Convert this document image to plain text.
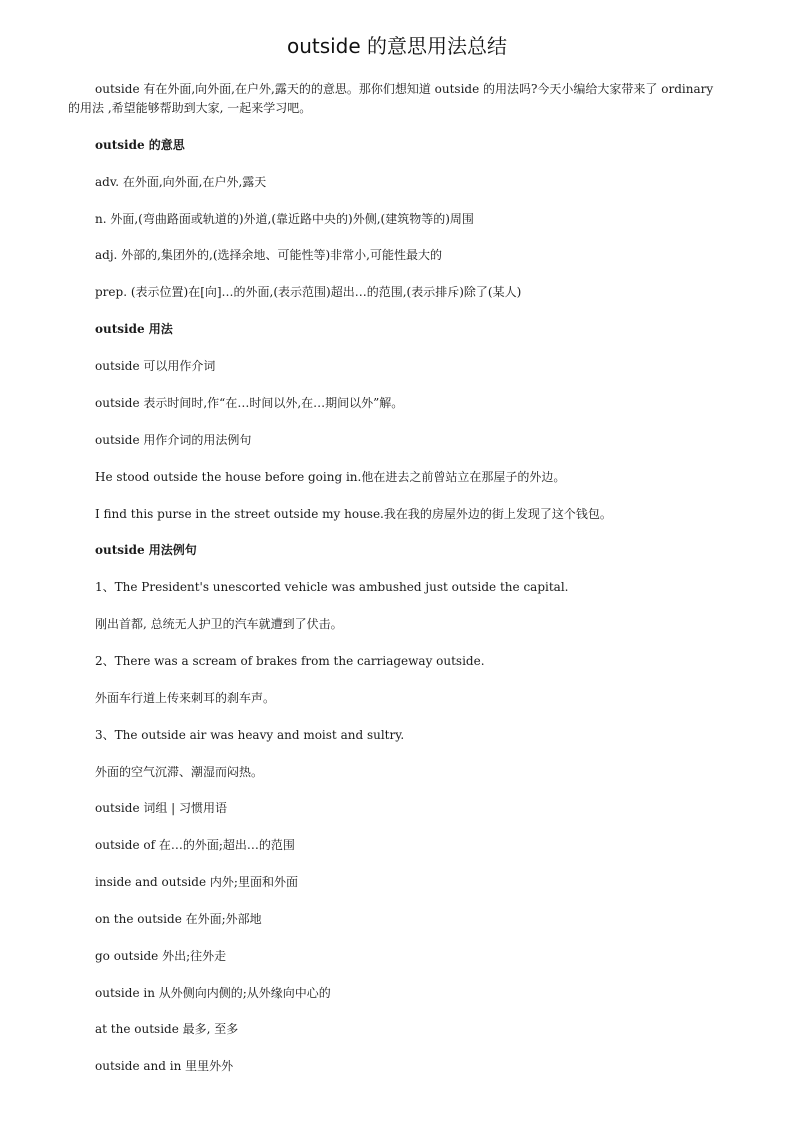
outside 的意思用法总结

outside 有在外面,向外面,在户外,露天的的意思。那你们想知道 outside 的用法吗?今天小编给大家带来了 ordinary 的用法 ,希望能够帮助到大家, 一起来学习吧。

outside 的意思

adv. 在外面,向外面,在户外,露天

n. 外面,(弯曲路面或轨道的)外道,(靠近路中央的)外侧,(建筑物等的)周围

adj. 外部的,集团外的,(选择余地、可能性等)非常小,可能性最大的

prep. (表示位置)在[向]…的外面,(表示范围)超出…的范围,(表示排斥)除了(某人)

outside 用法

outside 可以用作介词

outside 表示时间时,作“在…时间以外,在…期间以外”解。

outside 用作介词的用法例句

He stood outside the house before going in.他在进去之前曾站立在那屋子的外边。

I find this purse in the street outside my house.我在我的房屋外边的街上发现了这个钱包。

outside 用法例句

1、The President's unescorted vehicle was ambushed just outside the capital.

刚出首都, 总统无人护卫的汽车就遭到了伏击。

2、There was a scream of brakes from the carriageway outside.

外面车行道上传来刺耳的刹车声。

3、The outside air was heavy and moist and sultry.

外面的空气沉滞、潮湿而闷热。

outside 词组 | 习惯用语

outside of 在…的外面;超出…的范围

inside and outside 内外;里面和外面

on the outside 在外面;外部地

go outside 外出;往外走

outside in 从外侧向内侧的;从外缘向中心的

at the outside 最多, 至多

outside and in 里里外外
